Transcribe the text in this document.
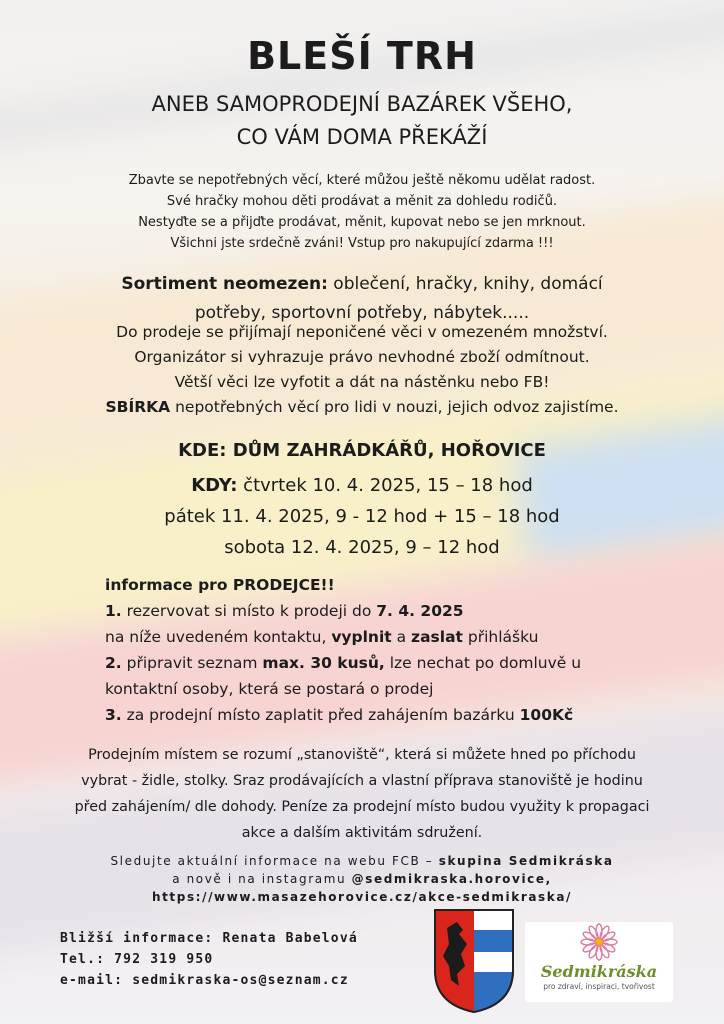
BLEŠÍ TRH
ANEB SAMOPRODEJNÍ BAZÁREK VŠEHO,
CO VÁM DOMA PŘEKÁŽÍ
Zbavte se nepotřebných věcí, které můžou ještě někomu udělat radost.
Své hračky mohou děti prodávat a měnit za dohledu rodičů.
Nestyďte se a přijďte prodávat, měnit, kupovat nebo se jen mrknout.
Všichni jste srdečně zváni! Vstup pro nakupující zdarma !!!
Sortiment neomezen: oblečení, hračky, knihy, domácí
potřeby, sportovní potřeby, nábytek.....
Do prodeje se přijímají neponičené věci v omezeném množství.
Organizátor si vyhrazuje právo nevhodné zboží odmítnout.
Větší věci lze vyfotit a dát na nástěnku nebo FB!
SBÍRKA nepotřebných věcí pro lidi v nouzi, jejich odvoz zajistíme.
KDE: DŮM ZAHRÁDKÁŘŮ, HOŘOVICE
KDY: čtvrtek 10. 4. 2025, 15 – 18 hod
pátek 11. 4. 2025, 9 - 12 hod + 15 – 18 hod
sobota 12. 4. 2025, 9 – 12 hod
informace pro PRODEJCE!!
1. rezervovat si místo k prodeji do 7. 4. 2025
na níže uvedeném kontaktu, vyplnit a zaslat přihlášku
2. připravit seznam max. 30 kusů, lze nechat po domluvě u
kontaktní osoby, která se postará o prodej
3. za prodejní místo zaplatit před zahájením bazárku 100Kč
Prodejním místem se rozumí „stanoviště“, která si můžete hned po příchodu
vybrat - židle, stolky. Sraz prodávajících a vlastní příprava stanoviště je hodinu
před zahájením/ dle dohody. Peníze za prodejní místo budou využity k propagaci
akce a dalším aktivitám sdružení.
Sledujte aktuální informace na webu FCB – skupina Sedmikráska
a nově i na instagramu @sedmikraska.horovice,
https://www.masazehorovice.cz/akce-sedmikraska/
Bližší informace: Renata Babelová
Tel.: 792 319 950
e-mail: sedmikraska-os@seznam.cz	Sedmikráska
pro zdraví, inspiraci, tvořivost
